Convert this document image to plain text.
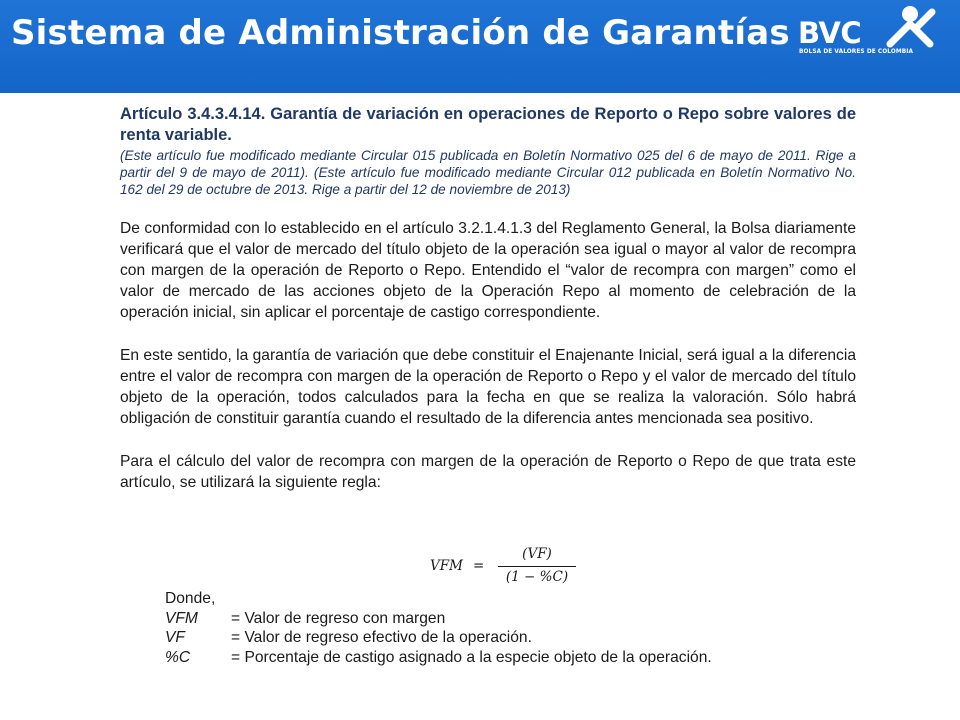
Sistema de Administración de Garantías BVC
BOLSA DE VALORES DE COLOMBIA
Artículo 3.4.3.4.14. Garantía de variación en operaciones de Reporto o Repo sobre valores de renta variable.
(Este artículo fue modificado mediante Circular 015 publicada en Boletín Normativo 025 del 6 de mayo de 2011. Rige a partir del 9 de mayo de 2011). (Este artículo fue modificado mediante Circular 012 publicada en Boletín Normativo No. 162 del 29 de octubre de 2013. Rige a partir del 12 de noviembre de 2013)
De conformidad con lo establecido en el artículo 3.2.1.4.1.3 del Reglamento General, la Bolsa diariamente verificará que el valor de mercado del título objeto de la operación sea igual o mayor al valor de recompra con margen de la operación de Reporto o Repo. Entendido el “valor de recompra con margen” como el valor de mercado de las acciones objeto de la Operación Repo al momento de celebración de la operación inicial, sin aplicar el porcentaje de castigo correspondiente.
En este sentido, la garantía de variación que debe constituir el Enajenante Inicial, será igual a la diferencia entre el valor de recompra con margen de la operación de Reporto o Repo y el valor de mercado del título objeto de la operación, todos calculados para la fecha en que se realiza la valoración. Sólo habrá obligación de constituir garantía cuando el resultado de la diferencia antes mencionada sea positivo.
Para el cálculo del valor de recompra con margen de la operación de Reporto o Repo de que trata este artículo, se utilizará la siguiente regla:
VFM =
(VF)
(1 − %C)
Donde,
VFM = Valor de regreso con margen
VF	= Valor de regreso efectivo de la operación.
%C	= Porcentaje de castigo asignado a la especie objeto de la operación.
